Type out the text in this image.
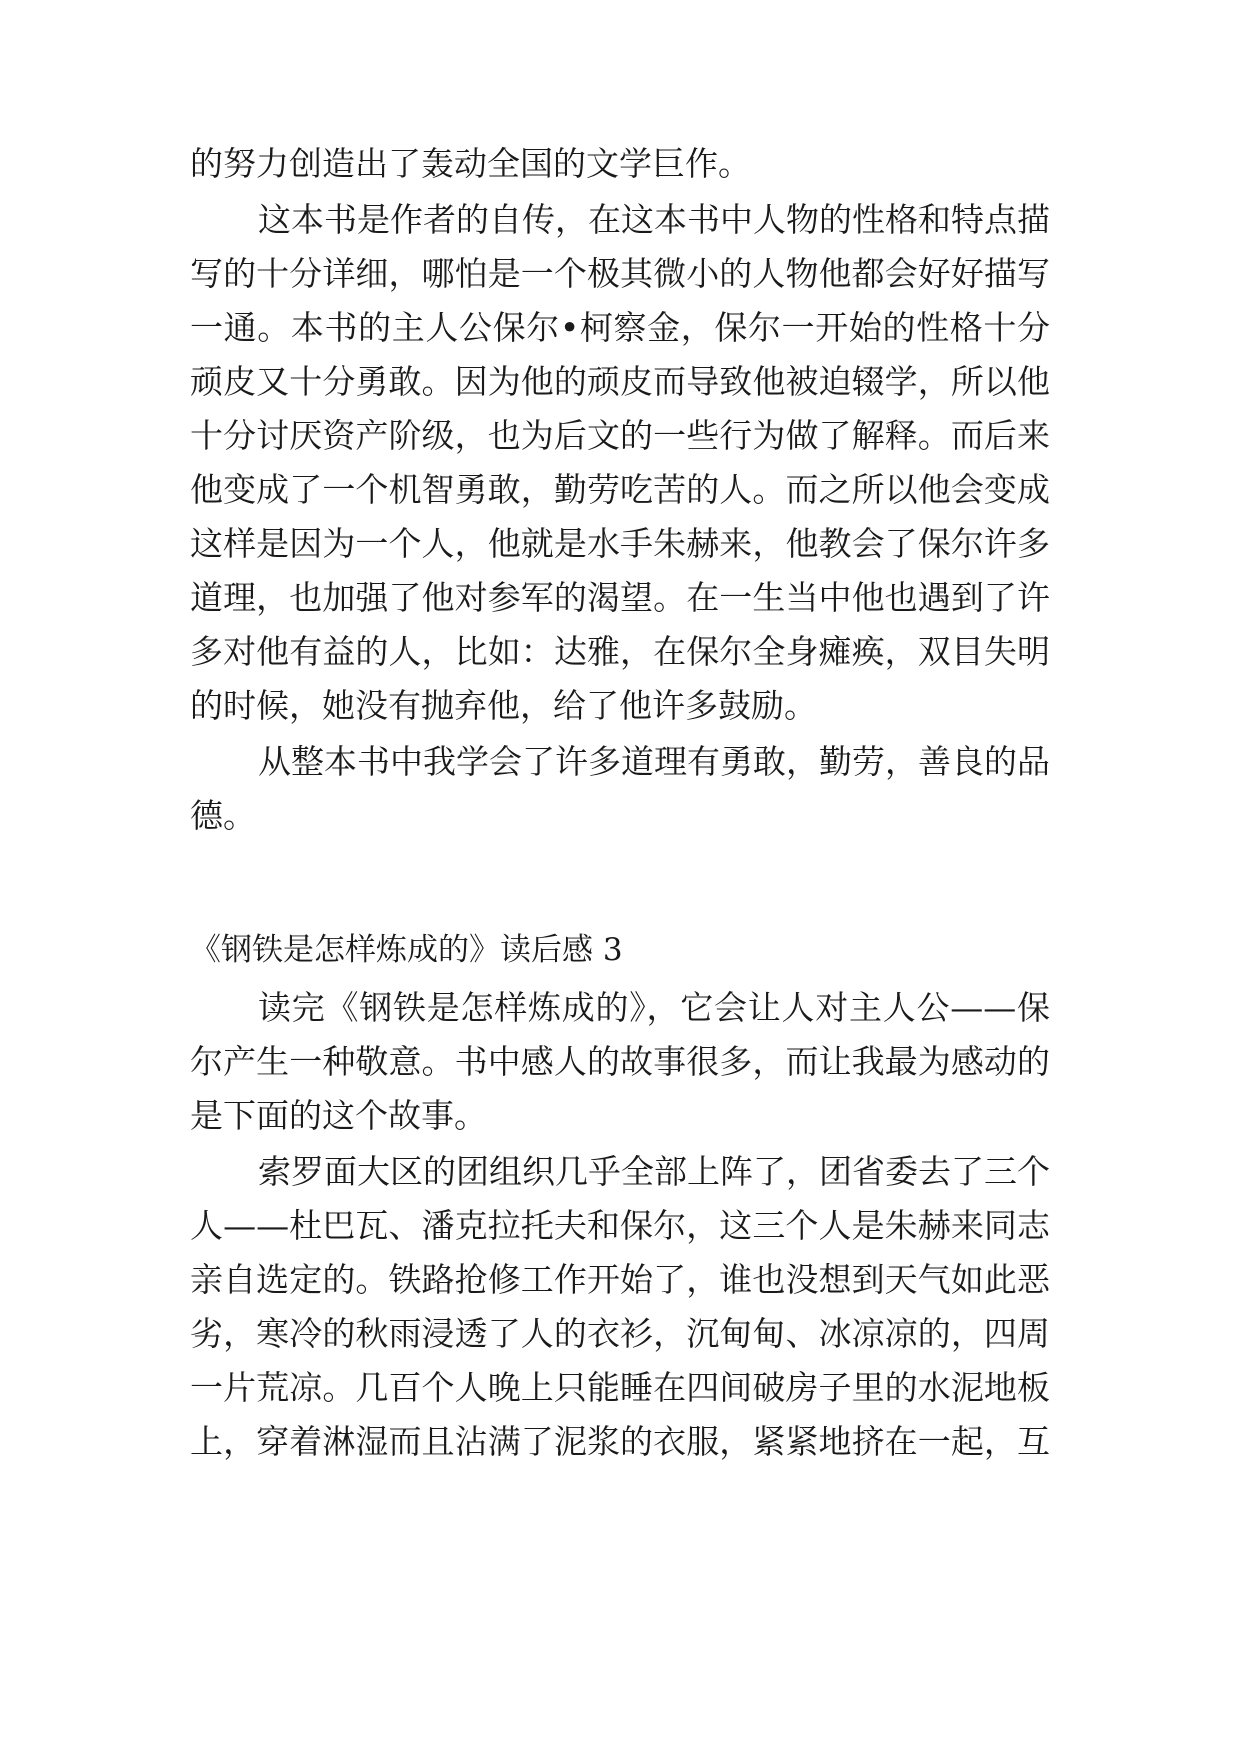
的努力创造出了轰动全国的文学巨作。
这本书是作者的自传，在这本书中人物的性格和特点描
写的十分详细，哪怕是一个极其微小的人物他都会好好描写
一通。本书的主人公保尔•柯察金，保尔一开始的性格十分
顽皮又十分勇敢。因为他的顽皮而导致他被迫辍学，所以他
十分讨厌资产阶级，也为后文的一些行为做了解释。而后来
他变成了一个机智勇敢，勤劳吃苦的人。而之所以他会变成
这样是因为一个人，他就是水手朱赫来，他教会了保尔许多
道理，也加强了他对参军的渴望。在一生当中他也遇到了许
多对他有益的人，比如：达雅，在保尔全身瘫痪，双目失明
的时候，她没有抛弃他，给了他许多鼓励。
从整本书中我学会了许多道理有勇敢，勤劳，善良的品
德。
《钢铁是怎样炼成的》读后感 3
读完《钢铁是怎样炼成的》，它会让人对主人公——保
尔产生一种敬意。书中感人的故事很多，而让我最为感动的
是下面的这个故事。
索罗面大区的团组织几乎全部上阵了，团省委去了三个
人——杜巴瓦、潘克拉托夫和保尔，这三个人是朱赫来同志
亲自选定的。铁路抢修工作开始了，谁也没想到天气如此恶
劣，寒冷的秋雨浸透了人的衣衫，沉甸甸、冰凉凉的，四周
一片荒凉。几百个人晚上只能睡在四间破房子里的水泥地板
上，穿着淋湿而且沾满了泥浆的衣服，紧紧地挤在一起，互
